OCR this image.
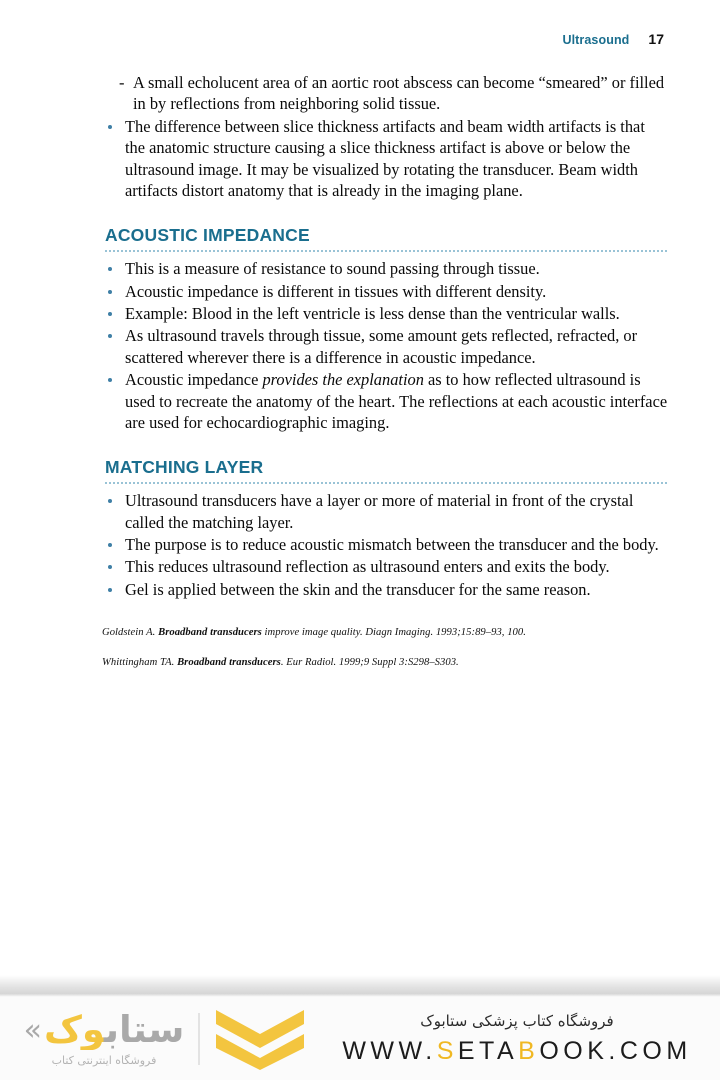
Ultrasound 17
- A small echolucent area of an aortic root abscess can become “smeared” or filled in by reflections from neighboring solid tissue.
The difference between slice thickness artifacts and beam width artifacts is that the anatomic structure causing a slice thickness artifact is above or below the ultrasound image. It may be visualized by rotating the transducer. Beam width artifacts distort anatomy that is already in the imaging plane.
ACOUSTIC IMPEDANCE
This is a measure of resistance to sound passing through tissue.
Acoustic impedance is different in tissues with different density.
Example: Blood in the left ventricle is less dense than the ventricular walls.
As ultrasound travels through tissue, some amount gets reflected, refracted, or scattered wherever there is a difference in acoustic impedance.
Acoustic impedance provides the explanation as to how reflected ultrasound is used to recreate the anatomy of the heart. The reflections at each acoustic interface are used for echocardiographic imaging.
MATCHING LAYER
Ultrasound transducers have a layer or more of material in front of the crystal called the matching layer.
The purpose is to reduce acoustic mismatch between the transducer and the body.
This reduces ultrasound reflection as ultrasound enters and exits the body.
Gel is applied between the skin and the transducer for the same reason.
Goldstein A. Broadband transducers improve image quality. Diagn Imaging. 1993;15:89–93, 100.
Whittingham TA. Broadband transducers. Eur Radiol. 1999;9 Suppl 3:S298–S303.
« ستابوک
فروشگاه اینترنتی کتاب
فروشگاه کتاب پزشکی ستابوک
WWW.SETABOOK.COM
